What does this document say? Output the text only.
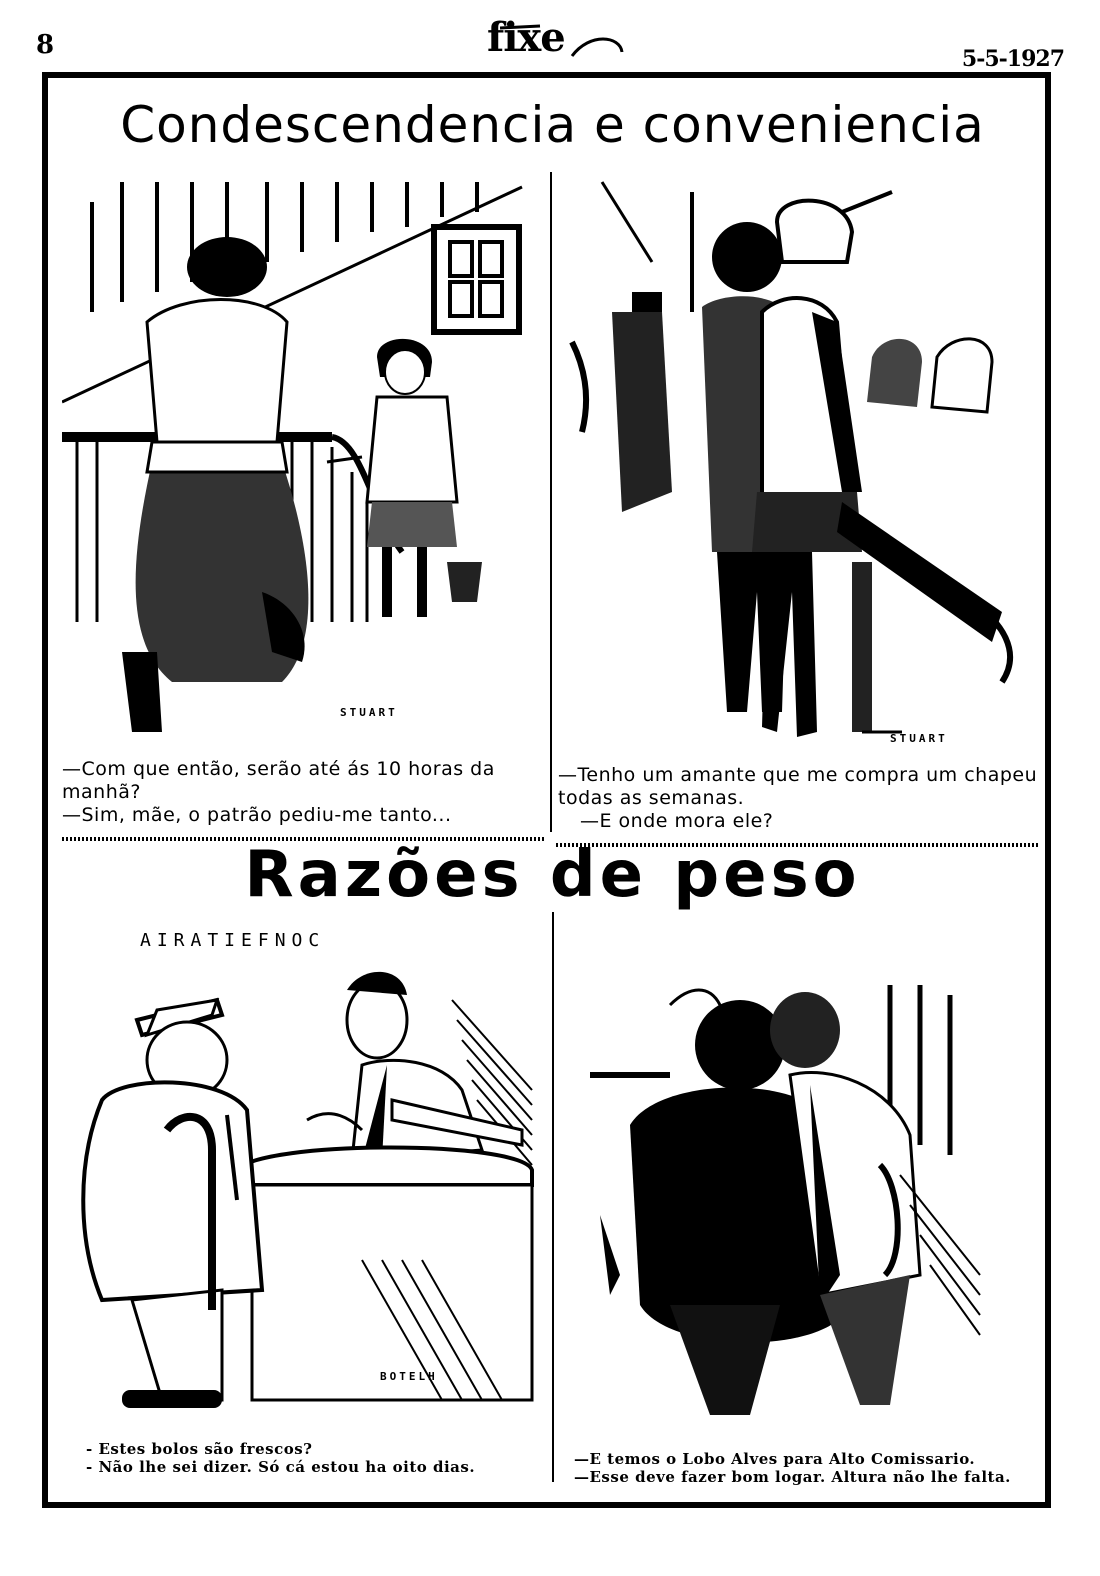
8	fixe	5-5-1927
Condescendencia e conveniencia
STUART

—Com que então, serão até ás 10 horas da manhã?

—Sim, mãe, o patrão pediu-me tanto...

STUART

—Tenho um amante que me compra um chapeu todas as semanas.

—E onde mora ele?

Razões de peso
AIRATIEFNOC
BOTELH

- Estes bolos são frescos?

- Não lhe sei dizer. Só cá estou ha oito dias.	—E temos o Lobo Alves para Alto Comissario.

—Esse deve fazer bom logar. Altura não lhe falta.
